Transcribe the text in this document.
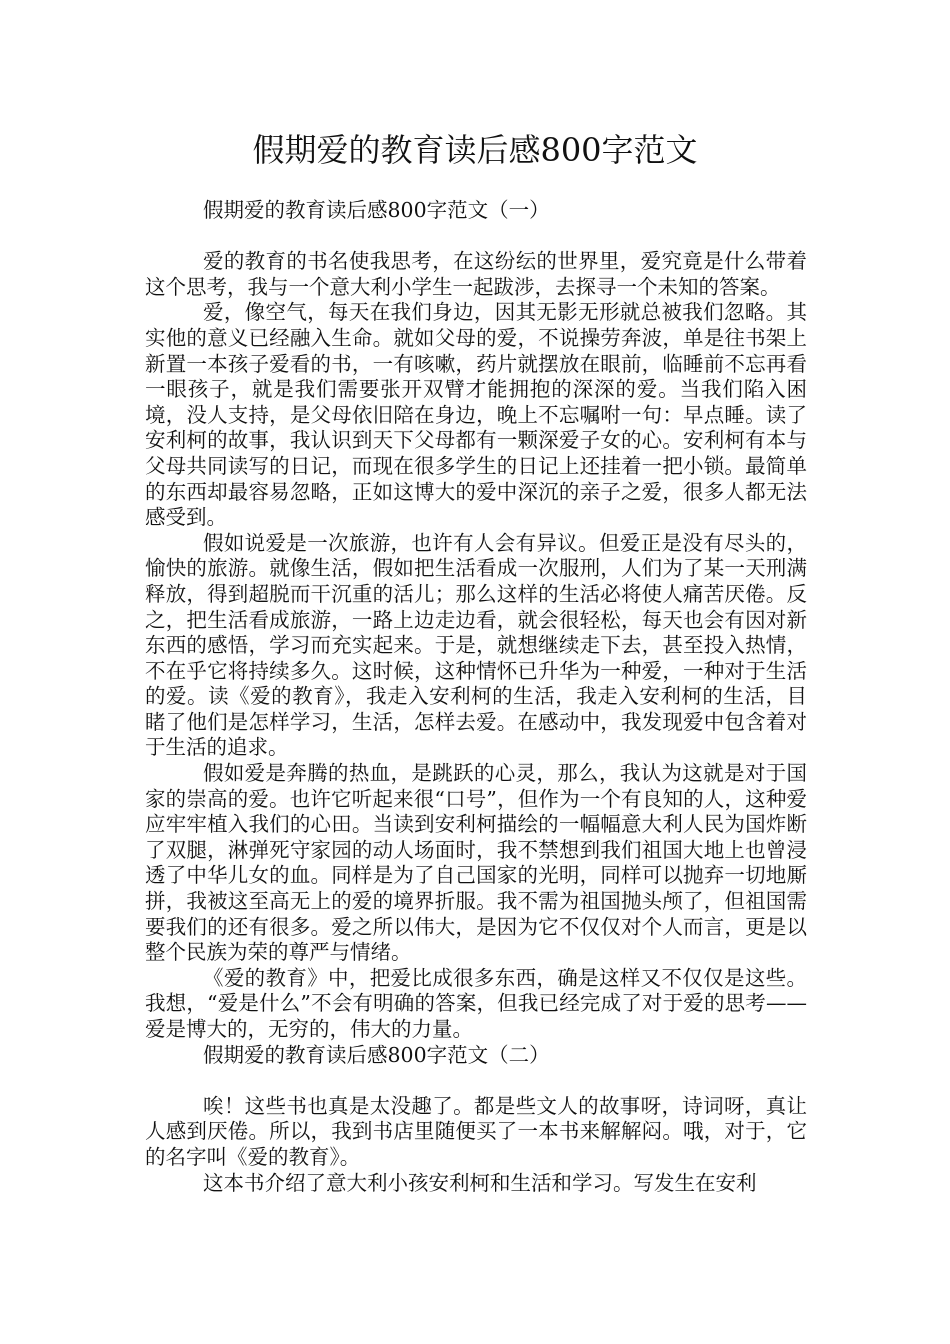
假期爱的教育读后感800字范文
假期爱的教育读后感800字范文（一）

爱的教育的书名使我思考，在这纷纭的世界里，爱究竟是什么带着这个思考，我与一个意大利小学生一起跋涉，去探寻一个未知的答案。

爱，像空气，每天在我们身边，因其无影无形就总被我们忽略。其实他的意义已经融入生命。就如父母的爱，不说操劳奔波，单是往书架上新置一本孩子爱看的书，一有咳嗽，药片就摆放在眼前，临睡前不忘再看一眼孩子，就是我们需要张开双臂才能拥抱的深深的爱。当我们陷入困境，没人支持，是父母依旧陪在身边，晚上不忘嘱咐一句：早点睡。读了安利柯的故事，我认识到天下父母都有一颗深爱子女的心。安利柯有本与父母共同读写的日记，而现在很多学生的日记上还挂着一把小锁。最简单的东西却最容易忽略，正如这博大的爱中深沉的亲子之爱，很多人都无法感受到。

假如说爱是一次旅游，也许有人会有异议。但爱正是没有尽头的，愉快的旅游。就像生活，假如把生活看成一次服刑，人们为了某一天刑满释放，得到超脱而干沉重的活儿；那么这样的生活必将使人痛苦厌倦。反之，把生活看成旅游，一路上边走边看，就会很轻松，每天也会有因对新东西的感悟，学习而充实起来。于是，就想继续走下去，甚至投入热情，不在乎它将持续多久。这时候，这种情怀已升华为一种爱，一种对于生活的爱。读《爱的教育》，我走入安利柯的生活，我走入安利柯的生活，目睹了他们是怎样学习，生活，怎样去爱。在感动中，我发现爱中包含着对于生活的追求。

假如爱是奔腾的热血，是跳跃的心灵，那么，我认为这就是对于国家的崇高的爱。也许它听起来很“口号”，但作为一个有良知的人，这种爱应牢牢植入我们的心田。当读到安利柯描绘的一幅幅意大利人民为国炸断了双腿，淋弹死守家园的动人场面时，我不禁想到我们祖国大地上也曾浸透了中华儿女的血。同样是为了自己国家的光明，同样可以抛弃一切地厮拼，我被这至高无上的爱的境界折服。我不需为祖国抛头颅了，但祖国需要我们的还有很多。爱之所以伟大，是因为它不仅仅对个人而言，更是以整个民族为荣的尊严与情绪。

《爱的教育》中，把爱比成很多东西，确是这样又不仅仅是这些。我想，“爱是什么”不会有明确的答案，但我已经完成了对于爱的思考——爱是博大的，无穷的，伟大的力量。

假期爱的教育读后感800字范文（二）

唉！这些书也真是太没趣了。都是些文人的故事呀，诗词呀，真让人感到厌倦。所以，我到书店里随便买了一本书来解解闷。哦，对于，它的名字叫《爱的教育》。

这本书介绍了意大利小孩安利柯和生活和学习。写发生在安利
